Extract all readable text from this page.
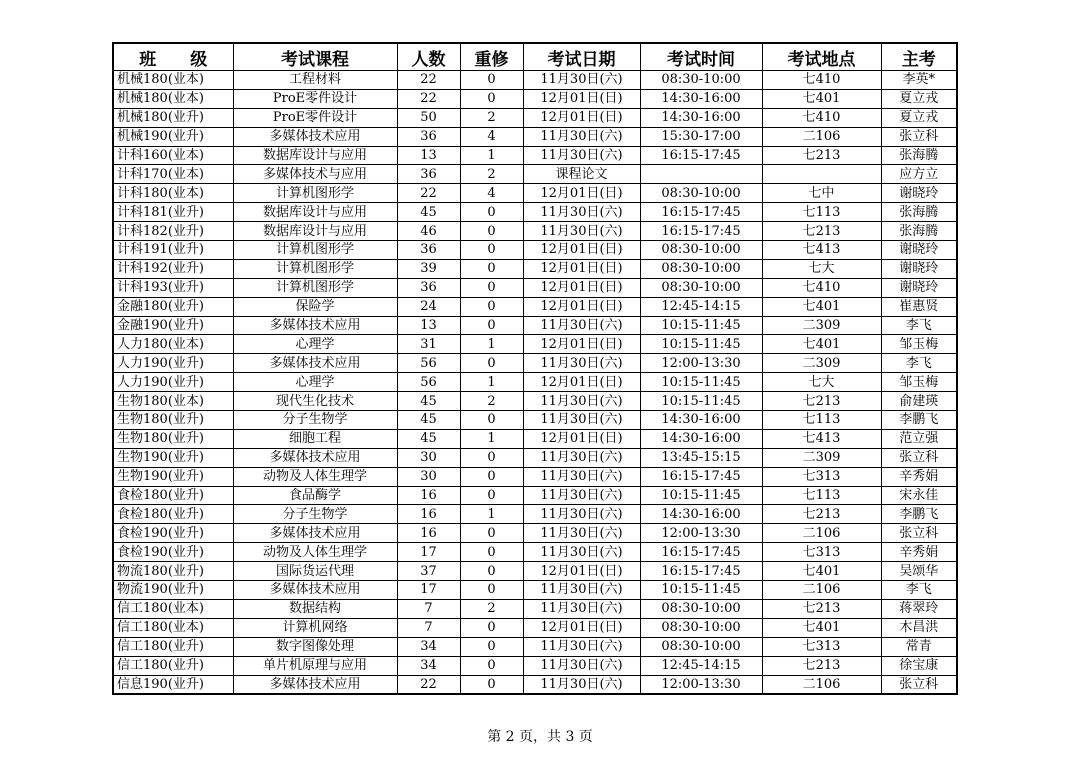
班　　级	考试课程	人数	重修	考试日期	考试时间	考试地点	主考
机械180(业本)	工程材料	22	0	11月30日(六)	08:30-10:00	七410	李英*
机械180(业本)	ProE零件设计	22	0	12月01日(日)	14:30-16:00	七401	夏立戎
机械180(业升)	ProE零件设计	50	2	12月01日(日)	14:30-16:00	七410	夏立戎
机械190(业升)	多媒体技术应用	36	4	11月30日(六)	15:30-17:00	二106	张立科
计科160(业本)	数据库设计与应用	13	1	11月30日(六)	16:15-17:45	七213	张海腾
计科170(业本)	多媒体技术与应用	36	2	课程论文			应方立
计科180(业本)	计算机图形学	22	4	12月01日(日)	08:30-10:00	七中	谢晓玲
计科181(业升)	数据库设计与应用	45	0	11月30日(六)	16:15-17:45	七113	张海腾
计科182(业升)	数据库设计与应用	46	0	11月30日(六)	16:15-17:45	七213	张海腾
计科191(业升)	计算机图形学	36	0	12月01日(日)	08:30-10:00	七413	谢晓玲
计科192(业升)	计算机图形学	39	0	12月01日(日)	08:30-10:00	七大	谢晓玲
计科193(业升)	计算机图形学	36	0	12月01日(日)	08:30-10:00	七410	谢晓玲
金融180(业升)	保险学	24	0	12月01日(日)	12:45-14:15	七401	崔惠贤
金融190(业升)	多媒体技术应用	13	0	11月30日(六)	10:15-11:45	二309	李飞
人力180(业本)	心理学	31	1	12月01日(日)	10:15-11:45	七401	邹玉梅
人力190(业升)	多媒体技术应用	56	0	11月30日(六)	12:00-13:30	二309	李飞
人力190(业升)	心理学	56	1	12月01日(日)	10:15-11:45	七大	邹玉梅
生物180(业本)	现代生化技术	45	2	11月30日(六)	10:15-11:45	七213	俞建瑛
生物180(业升)	分子生物学	45	0	11月30日(六)	14:30-16:00	七113	李鹏飞
生物180(业升)	细胞工程	45	1	12月01日(日)	14:30-16:00	七413	范立强
生物190(业升)	多媒体技术应用	30	0	11月30日(六)	13:45-15:15	二309	张立科
生物190(业升)	动物及人体生理学	30	0	11月30日(六)	16:15-17:45	七313	辛秀娟
食检180(业升)	食品酶学	16	0	11月30日(六)	10:15-11:45	七113	宋永佳
食检180(业升)	分子生物学	16	1	11月30日(六)	14:30-16:00	七213	李鹏飞
食检190(业升)	多媒体技术应用	16	0	11月30日(六)	12:00-13:30	二106	张立科
食检190(业升)	动物及人体生理学	17	0	11月30日(六)	16:15-17:45	七313	辛秀娟
物流180(业升)	国际货运代理	37	0	12月01日(日)	16:15-17:45	七401	吴颂华
物流190(业升)	多媒体技术应用	17	0	11月30日(六)	10:15-11:45	二106	李飞
信工180(业本)	数据结构	7	2	11月30日(六)	08:30-10:00	七213	蒋翠玲
信工180(业本)	计算机网络	7	0	12月01日(日)	08:30-10:00	七401	木昌洪
信工180(业升)	数字图像处理	34	0	11月30日(六)	08:30-10:00	七313	常青
信工180(业升)	单片机原理与应用	34	0	11月30日(六)	12:45-14:15	七213	徐宝康
信息190(业升)	多媒体技术应用	22	0	11月30日(六)	12:00-13:30	二106	张立科
第 2 页，共 3 页
